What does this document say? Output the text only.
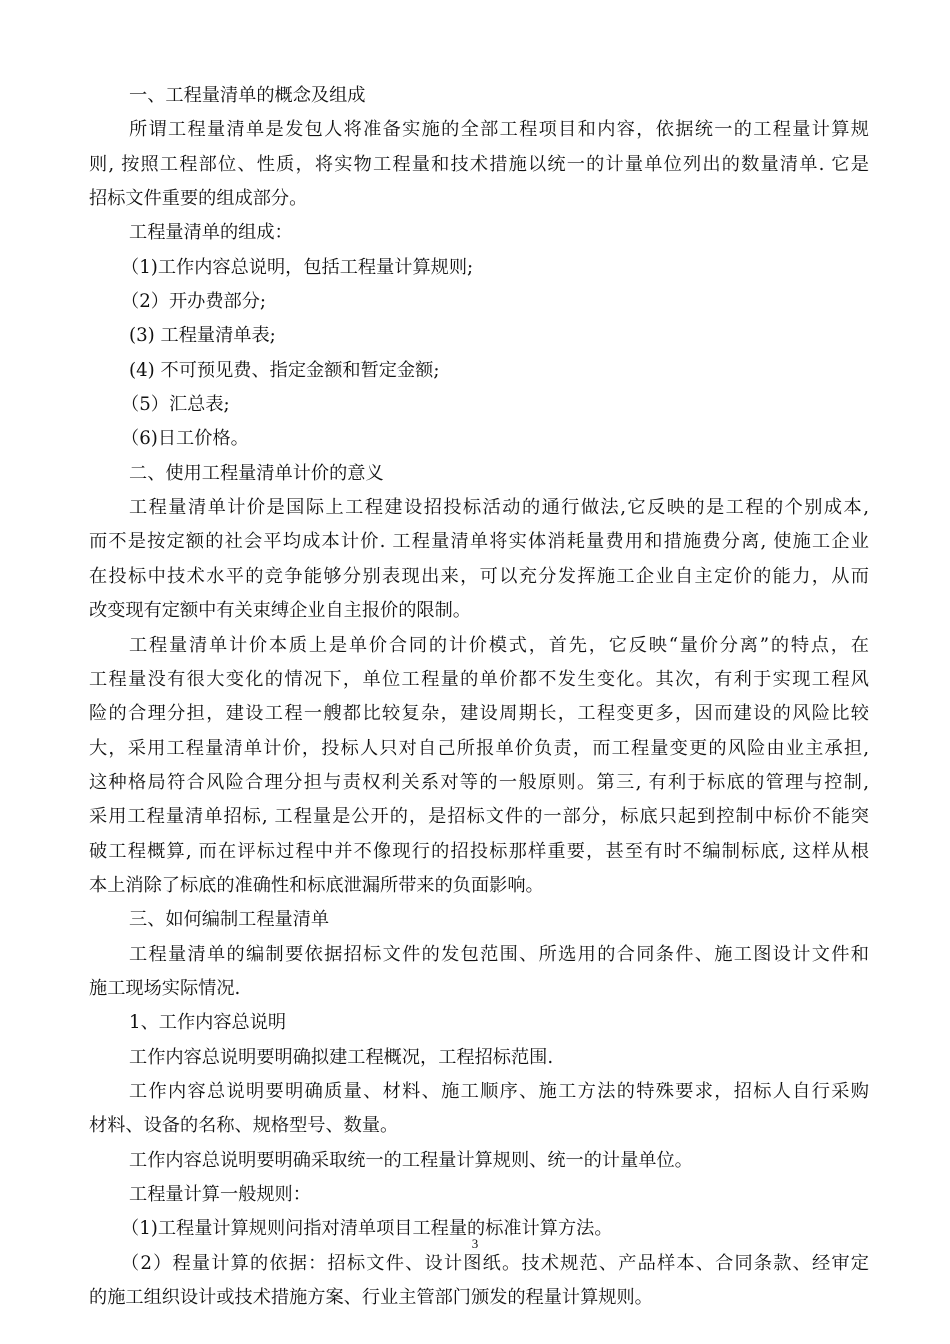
一、工程量清单的概念及组成
所谓工程量清单是发包人将准备实施的全部工程项目和内容，依据统一的工程量计算规
则, 按照工程部位、性质，将实物工程量和技术措施以统一的计量单位列出的数量清单. 它是
招标文件重要的组成部分。
工程量清单的组成：
（1)工作内容总说明，包括工程量计算规则;
（2）开办费部分;
(3) 工程量清单表;
(4) 不可预见费、指定金额和暂定金额;
（5）汇总表;
（6)日工价格。
二、使用工程量清单计价的意义
工程量清单计价是国际上工程建设招投标活动的通行做法,它反映的是工程的个别成本,
而不是按定额的社会平均成本计价. 工程量清单将实体消耗量费用和措施费分离, 使施工企业
在投标中技术水平的竞争能够分别表现出来，可以充分发挥施工企业自主定价的能力，从而
改变现有定额中有关束缚企业自主报价的限制。
工程量清单计价本质上是单价合同的计价模式，首先，它反映“量价分离”的特点，在
工程量没有很大变化的情况下，单位工程量的单价都不发生变化。其次，有利于实现工程风
险的合理分担，建设工程一艘都比较复杂，建设周期长，工程变更多，因而建设的风险比较
大，采用工程量清单计价，投标人只对自己所报单价负责，而工程量变更的风险由业主承担,
这种格局符合风险合理分担与责权利关系对等的一般原则。第三, 有利于标底的管理与控制,
采用工程量清单招标, 工程量是公开的，是招标文件的一部分，标底只起到控制中标价不能突
破工程概算, 而在评标过程中并不像现行的招投标那样重要，甚至有时不编制标底, 这样从根
本上消除了标底的准确性和标底泄漏所带来的负面影响。
三、如何编制工程量清单
工程量清单的编制要依据招标文件的发包范围、所选用的合同条件、施工图设计文件和
施工现场实际情况.
1、工作内容总说明
工作内容总说明要明确拟建工程概况，工程招标范围.
工作内容总说明要明确质量、材料、施工顺序、施工方法的特殊要求，招标人自行采购
材料、设备的名称、规格型号、数量。
工作内容总说明要明确采取统一的工程量计算规则、统一的计量单位。
工程量计算一般规则：
（1)工程量计算规则问指对清单项目工程量的标准计算方法。
（2）程量计算的依据：招标文件、设计图纸。技术规范、产品样本、合同条款、经审定
的施工组织设计或技术措施方案、行业主管部门颁发的程量计算规则。
3
